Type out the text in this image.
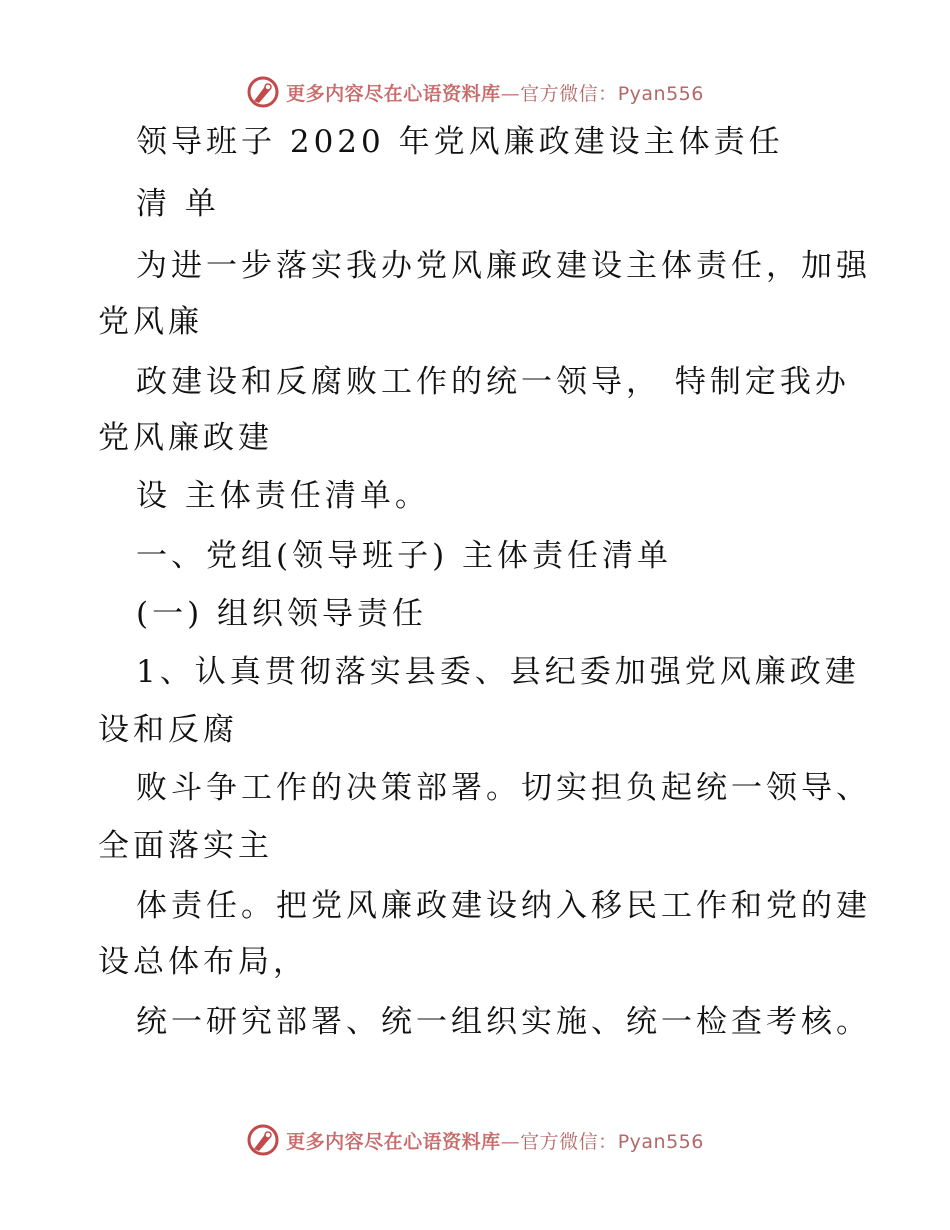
更多内容尽在心语资料库—官方微信：Pyan556
领导班子 2020 年党风廉政建设主体责任
清 单
为进一步落实我办党风廉政建设主体责任，加强
党风廉
政建设和反腐败工作的统一领导， 特制定我办
党风廉政建
设 主体责任清单。
一、党组(领导班子) 主体责任清单
(一) 组织领导责任
1、认真贯彻落实县委、县纪委加强党风廉政建
设和反腐
败斗争工作的决策部署。切实担负起统一领导、
全面落实主
体责任。把党风廉政建设纳入移民工作和党的建
设总体布局，
统一研究部署、统一组织实施、统一检查考核。
更多内容尽在心语资料库—官方微信：Pyan556
